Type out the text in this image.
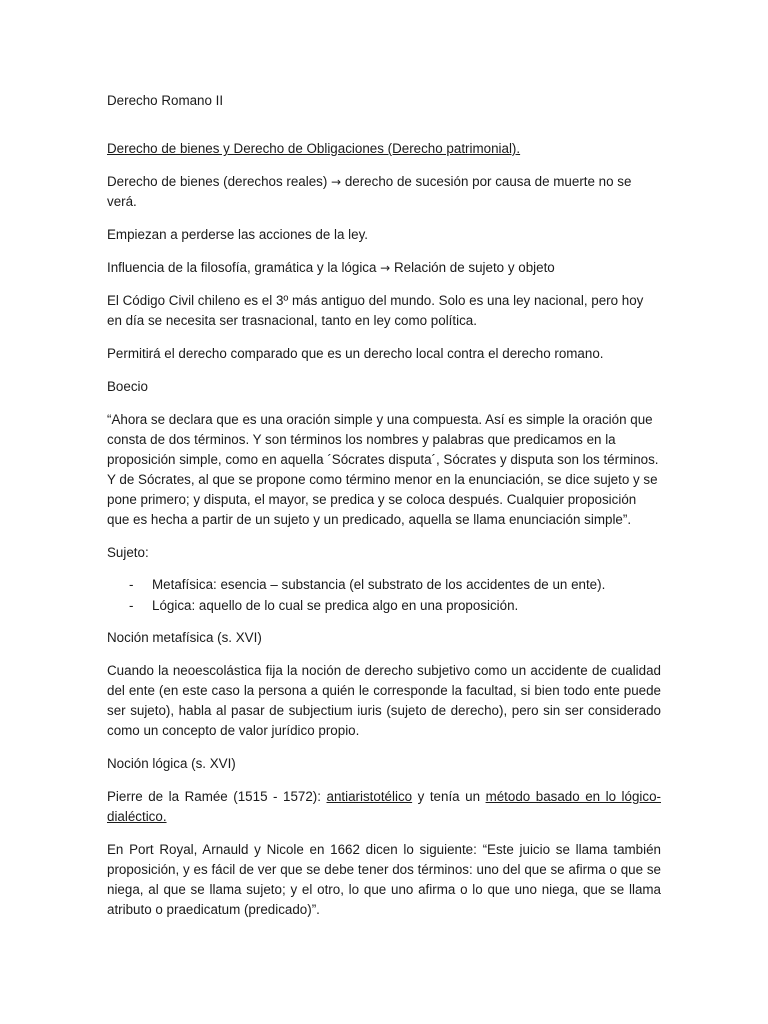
Derecho Romano II

Derecho de bienes y Derecho de Obligaciones (Derecho patrimonial).

Derecho de bienes (derechos reales) → derecho de sucesión por causa de muerte no se verá.

Empiezan a perderse las acciones de la ley.

Influencia de la filosofía, gramática y la lógica → Relación de sujeto y objeto

El Código Civil chileno es el 3º más antiguo del mundo. Solo es una ley nacional, pero hoy en día se necesita ser trasnacional, tanto en ley como política.

Permitirá el derecho comparado que es un derecho local contra el derecho romano.

Boecio

“Ahora se declara que es una oración simple y una compuesta. Así es simple la oración que consta de dos términos. Y son términos los nombres y palabras que predicamos en la proposición simple, como en aquella ´Sócrates disputa´, Sócrates y disputa son los términos. Y de Sócrates, al que se propone como término menor en la enunciación, se dice sujeto y se pone primero; y disputa, el mayor, se predica y se coloca después. Cualquier proposición que es hecha a partir de un sujeto y un predicado, aquella se llama enunciación simple”.

Sujeto:

- Metafísica: esencia – substancia (el substrato de los accidentes de un ente).
- Lógica: aquello de lo cual se predica algo en una proposición.

Noción metafísica (s. XVI)

Cuando la neoescolástica fija la noción de derecho subjetivo como un accidente de cualidad del ente (en este caso la persona a quién le corresponde la facultad, si bien todo ente puede ser sujeto), habla al pasar de subjectium iuris (sujeto de derecho), pero sin ser considerado como un concepto de valor jurídico propio.

Noción lógica (s. XVI)

Pierre de la Ramée (1515 - 1572): antiaristotélico y tenía un método basado en lo lógico-dialéctico.

En Port Royal, Arnauld y Nicole en 1662 dicen lo siguiente: “Este juicio se llama también proposición, y es fácil de ver que se debe tener dos términos: uno del que se afirma o que se niega, al que se llama sujeto; y el otro, lo que uno afirma o lo que uno niega, que se llama atributo o praedicatum (predicado)”.
